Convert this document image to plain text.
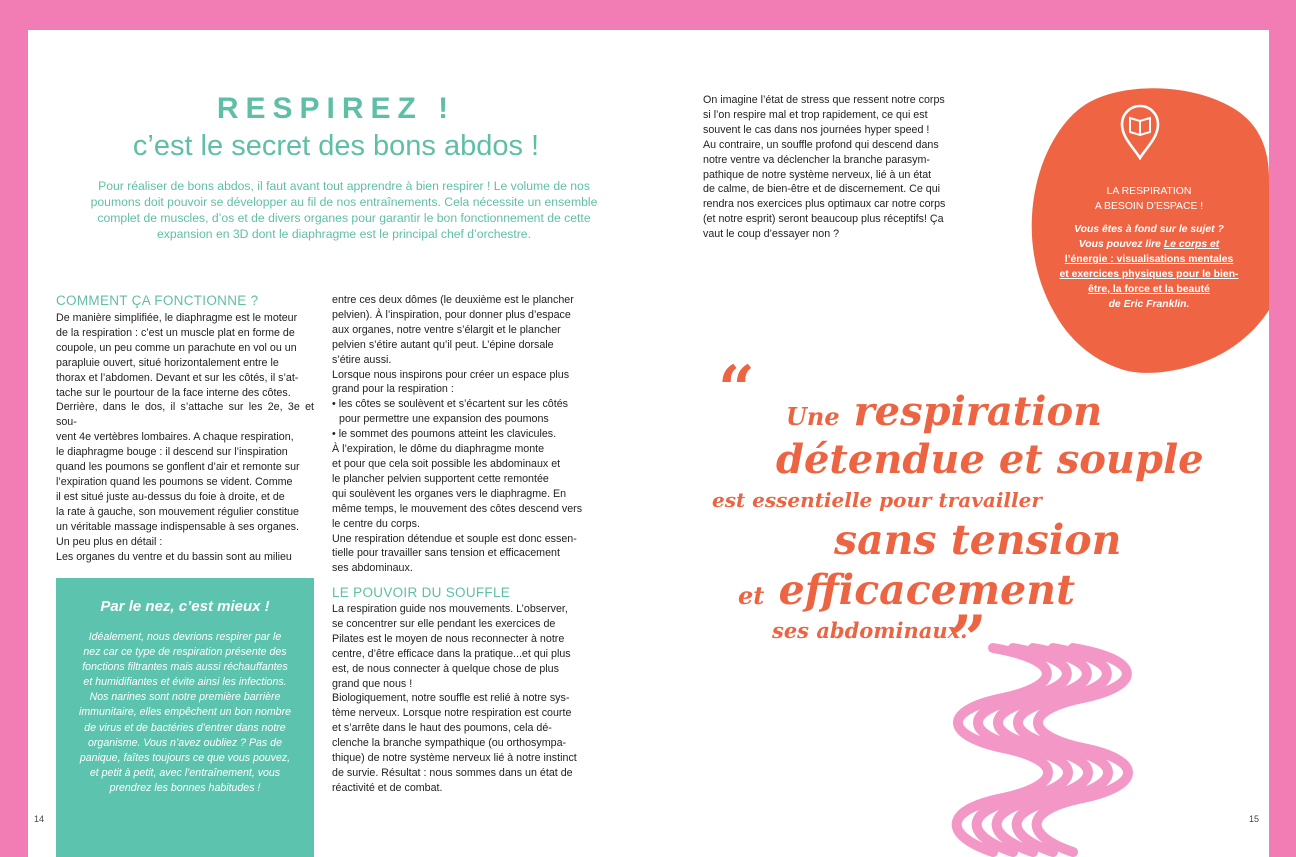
RESPIREZ !
c’est le secret des bons abdos !
Pour réaliser de bons abdos, il faut avant tout apprendre à bien respirer ! Le volume de nos
poumons doit pouvoir se développer au fil de nos entraînements. Cela nécessite un ensemble
complet de muscles, d’os et de divers organes pour garantir le bon fonctionnement de cette
expansion en 3D dont le diaphragme est le principal chef d’orchestre.
COMMENT ÇA FONCTIONNE ?

De manière simplifiée, le diaphragme est le moteur

de la respiration : c’est un muscle plat en forme de

coupole, un peu comme un parachute en vol ou un

parapluie ouvert, situé horizontalement entre le

thorax et l’abdomen. Devant et sur les côtés, il s’at-

tache sur le pourtour de la face interne des côtes.

Derrière, dans le dos, il s’attache sur les 2e, 3e et sou-

vent 4e vertèbres lombaires. A chaque respiration,

le diaphragme bouge : il descend sur l’inspiration

quand les poumons se gonflent d’air et remonte sur

l’expiration quand les poumons se vident. Comme

il est situé juste au-dessus du foie à droite, et de

la rate à gauche, son mouvement régulier constitue

un véritable massage indispensable à ses organes.

Un peu plus en détail :

Les organes du ventre et du bassin sont au milieu

Par le nez, c’est mieux !
Idéalement, nous devrions respirer par le
nez car ce type de respiration présente des
fonctions filtrantes mais aussi réchauffantes
et humidifiantes et évite ainsi les infections.
Nos narines sont notre première barrière
immunitaire, elles empêchent un bon nombre
de virus et de bactéries d’entrer dans notre
organisme. Vous n’avez oubliez ? Pas de
panique, faîtes toujours ce que vous pouvez,
et petit à petit, avec l’entraînement, vous
prendrez les bonnes habitudes !

entre ces deux dômes (le deuxième est le plancher

pelvien). À l’inspiration, pour donner plus d’espace

aux organes, notre ventre s’élargit et le plancher

pelvien s’étire autant qu’il peut. L’épine dorsale

s’étire aussi.

Lorsque nous inspirons pour créer un espace plus

grand pour la respiration :

• les côtes se soulèvent et s’écartent sur les côtés

pour permettre une expansion des poumons

• le sommet des poumons atteint les clavicules.

À l’expiration, le dôme du diaphragme monte

et pour que cela soit possible les abdominaux et

le plancher pelvien supportent cette remontée

qui soulèvent les organes vers le diaphragme. En

même temps, le mouvement des côtes descend vers

le centre du corps.

Une respiration détendue et souple est donc essen-

tielle pour travailler sans tension et efficacement

ses abdominaux.

LE POUVOIR DU SOUFFLE

La respiration guide nos mouvements. L’observer,

se concentrer sur elle pendant les exercices de

Pilates est le moyen de nous reconnecter à notre

centre, d’être efficace dans la pratique...et qui plus

est, de nous connecter à quelque chose de plus

grand que nous !

Biologiquement, notre souffle est relié à notre sys-

tème nerveux. Lorsque notre respiration est courte

et s’arrête dans le haut des poumons, cela dé-

clenche la branche sympathique (ou orthosympa-

thique) de notre système nerveux lié à notre instinct

de survie. Résultat : nous sommes dans un état de

réactivité et de combat.

14

On imagine l’état de stress que ressent notre corps

si l’on respire mal et trop rapidement, ce qui est

souvent le cas dans nos journées hyper speed !

Au contraire, un souffle profond qui descend dans

notre ventre va déclencher la branche parasym-

pathique de notre système nerveux, lié à un état

de calme, de bien-être et de discernement. Ce qui

rendra nos exercices plus optimaux car notre corps

(et notre esprit) seront beaucoup plus réceptifs! Ça

vaut le coup d’essayer non ?

LA RESPIRATION
A BESOIN D’ESPACE !
Vous êtes à fond sur le sujet ?
Vous pouvez lire Le corps et
l’énergie : visualisations mentales
et exercices physiques pour le bien-
être, la force et la beauté
de Eric Franklin.
“ Une respiration
détendue et souple
est essentielle pour travailler
sans tension
et efficacement
ses abdominaux.
”
15
